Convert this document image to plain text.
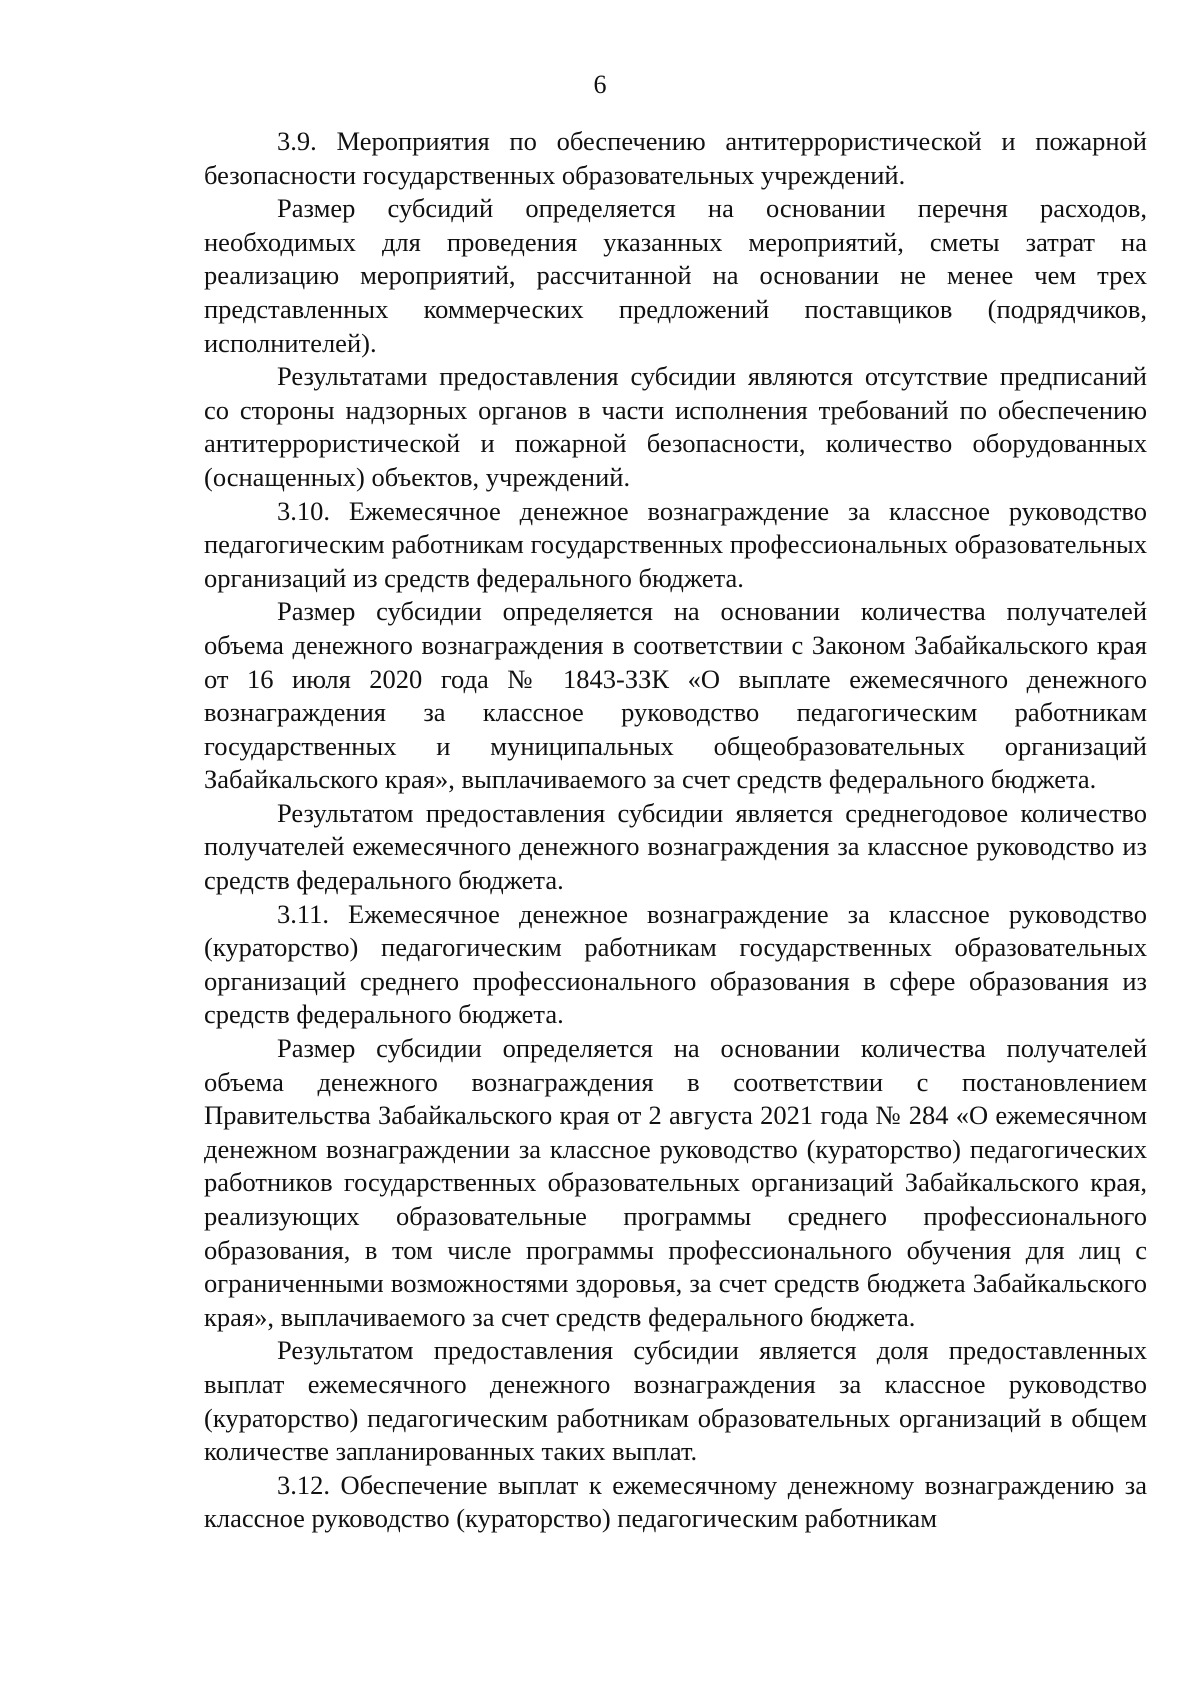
6

3.9. Мероприятия по обеспечению антитеррористической и пожарной безопасности государственных образовательных учреждений.

Размер субсидий определяется на основании перечня расходов, необходимых для проведения указанных мероприятий, сметы затрат на реализацию мероприятий, рассчитанной на основании не менее чем трех представленных коммерческих предложений поставщиков (подрядчиков, исполнителей).

Результатами предоставления субсидии являются отсутствие предписаний со стороны надзорных органов в части исполнения требований по обеспечению антитеррористической и пожарной безопасности, количество оборудованных (оснащенных) объектов, учреждений.

3.10. Ежемесячное денежное вознаграждение за классное руководство педагогическим работникам государственных профессиональных образовательных организаций из средств федерального бюджета.

Размер субсидии определяется на основании количества получателей объема денежного вознаграждения в соответствии с Законом Забайкальского края от 16 июля 2020 года № 1843-ЗЗК «О выплате ежемесячного денежного вознаграждения за классное руководство педагогическим работникам государственных и муниципальных общеобразовательных организаций Забайкальского края», выплачиваемого за счет средств федерального бюджета.

Результатом предоставления субсидии является среднегодовое количество получателей ежемесячного денежного вознаграждения за классное руководство из средств федерального бюджета.

3.11. Ежемесячное денежное вознаграждение за классное руководство (кураторство) педагогическим работникам государственных образовательных организаций среднего профессионального образования в сфере образования из средств федерального бюджета.

Размер субсидии определяется на основании количества получателей объема денежного вознаграждения в соответствии с постановлением Правительства Забайкальского края от 2 августа 2021 года № 284 «О ежемесячном денежном вознаграждении за классное руководство (кураторство) педагогических работников государственных образовательных организаций Забайкальского края, реализующих образовательные программы среднего профессионального образования, в том числе программы профессионального обучения для лиц с ограниченными возможностями здоровья, за счет средств бюджета Забайкальского края», выплачиваемого за счет средств федерального бюджета.

Результатом предоставления субсидии является доля предоставленных выплат ежемесячного денежного вознаграждения за классное руководство (кураторство) педагогическим работникам образовательных организаций в общем количестве запланированных таких выплат.

3.12. Обеспечение выплат к ежемесячному денежному вознаграждению за классное руководство (кураторство) педагогическим работникам
